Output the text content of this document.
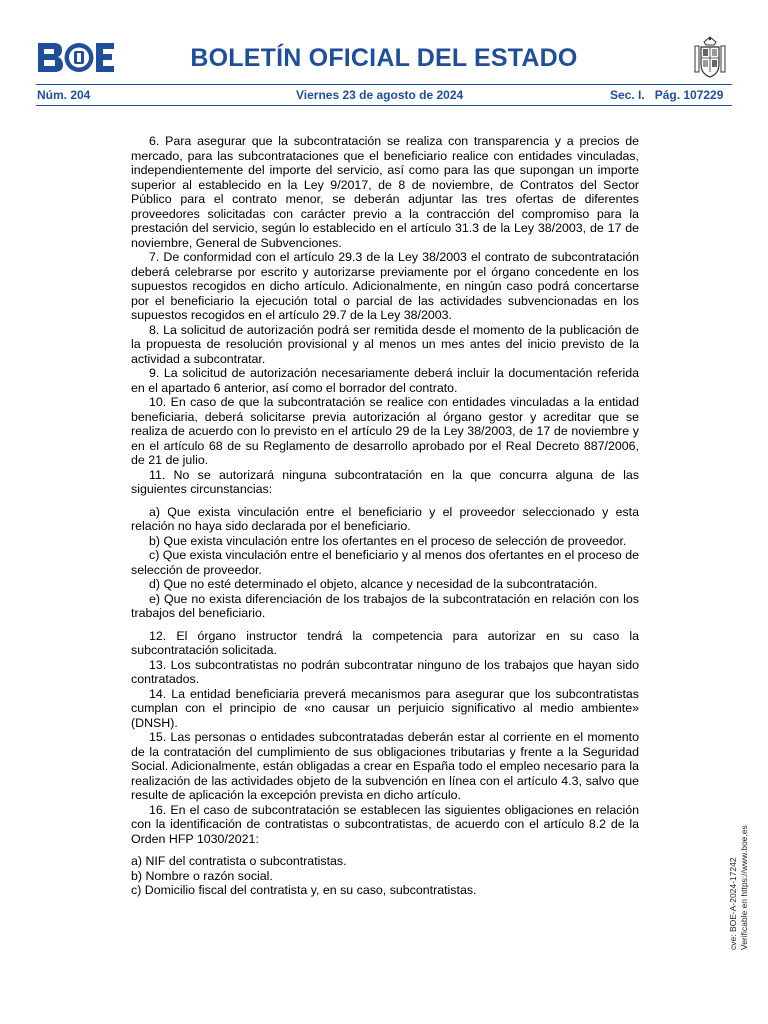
BOLETÍN OFICIAL DEL ESTADO
Núm. 204	Viernes 23 de agosto de 2024	Sec. I.   Pág. 107229

6. Para asegurar que la subcontratación se realiza con transparencia y a precios de mercado, para las subcontrataciones que el beneficiario realice con entidades vinculadas, independientemente del importe del servicio, así como para las que supongan un importe superior al establecido en la Ley 9/2017, de 8 de noviembre, de Contratos del Sector Público para el contrato menor, se deberán adjuntar las tres ofertas de diferentes proveedores solicitadas con carácter previo a la contracción del compromiso para la prestación del servicio, según lo establecido en el artículo 31.3 de la Ley 38/2003, de 17 de noviembre, General de Subvenciones.

7. De conformidad con el artículo 29.3 de la Ley 38/2003 el contrato de subcontratación deberá celebrarse por escrito y autorizarse previamente por el órgano concedente en los supuestos recogidos en dicho artículo. Adicionalmente, en ningún caso podrá concertarse por el beneficiario la ejecución total o parcial de las actividades subvencionadas en los supuestos recogidos en el artículo 29.7 de la Ley 38/2003.

8. La solicitud de autorización podrá ser remitida desde el momento de la publicación de la propuesta de resolución provisional y al menos un mes antes del inicio previsto de la actividad a subcontratar.

9. La solicitud de autorización necesariamente deberá incluir la documentación referida en el apartado 6 anterior, así como el borrador del contrato.

10. En caso de que la subcontratación se realice con entidades vinculadas a la entidad beneficiaria, deberá solicitarse previa autorización al órgano gestor y acreditar que se realiza de acuerdo con lo previsto en el artículo 29 de la Ley 38/2003, de 17 de noviembre y en el artículo 68 de su Reglamento de desarrollo aprobado por el Real Decreto 887/2006, de 21 de julio.

11. No se autorizará ninguna subcontratación en la que concurra alguna de las siguientes circunstancias:

a) Que exista vinculación entre el beneficiario y el proveedor seleccionado y esta relación no haya sido declarada por el beneficiario.

b) Que exista vinculación entre los ofertantes en el proceso de selección de proveedor.

c) Que exista vinculación entre el beneficiario y al menos dos ofertantes en el proceso de selección de proveedor.

d) Que no esté determinado el objeto, alcance y necesidad de la subcontratación.

e) Que no exista diferenciación de los trabajos de la subcontratación en relación con los trabajos del beneficiario.

12. El órgano instructor tendrá la competencia para autorizar en su caso la subcontratación solicitada.

13. Los subcontratistas no podrán subcontratar ninguno de los trabajos que hayan sido contratados.

14. La entidad beneficiaria preverá mecanismos para asegurar que los subcontratistas cumplan con el principio de «no causar un perjuicio significativo al medio ambiente» (DNSH).

15. Las personas o entidades subcontratadas deberán estar al corriente en el momento de la contratación del cumplimiento de sus obligaciones tributarias y frente a la Seguridad Social. Adicionalmente, están obligadas a crear en España todo el empleo necesario para la realización de las actividades objeto de la subvención en línea con el artículo 4.3, salvo que resulte de aplicación la excepción prevista en dicho artículo.

16. En el caso de subcontratación se establecen las siguientes obligaciones en relación con la identificación de contratistas o subcontratistas, de acuerdo con el artículo 8.2 de la Orden HFP 1030/2021:

a) NIF del contratista o subcontratistas.

b) Nombre o razón social.

c) Domicilio fiscal del contratista y, en su caso, subcontratistas.	cve: BOE-A-2024-17242 Verificable en https://www.boe.es
